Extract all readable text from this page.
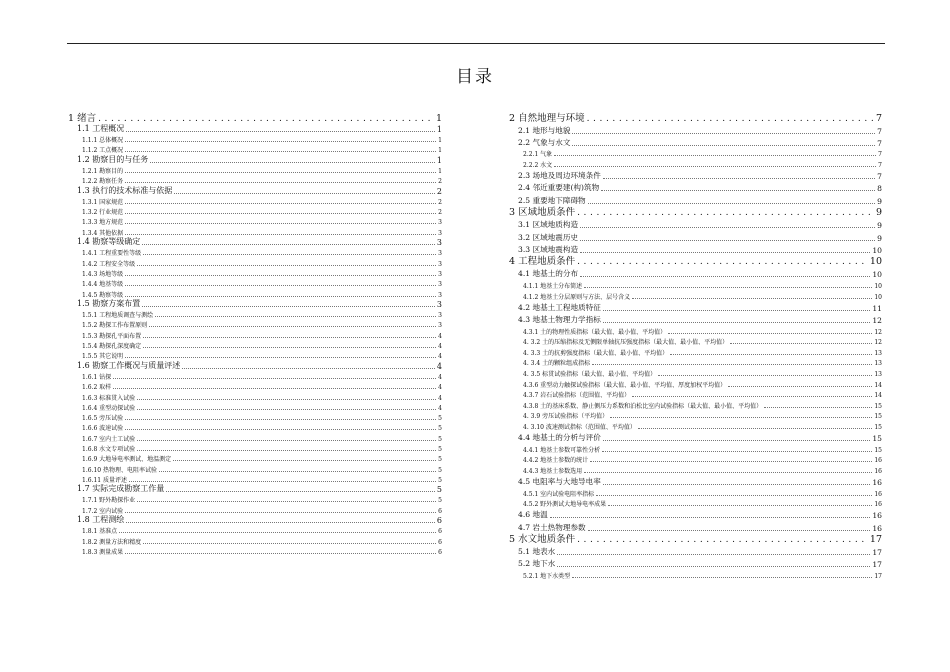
目录
1 绪言 .....	1
1.1 工程概况	1
1.1.1 总体概况	1
1.1.2 工点概况	1
1.2 勘察目的与任务	1
1.2.1 勘察目的	1
1.2.2 勘察任务	2
1.3 执行的技术标准与依据	2
1.3.1 国家规范	2
1.3.2 行业规范	2
1.3.3 地方规范	3
1.3.4 其他依据	3
1.4 勘察等级确定	3
1.4.1 工程重要性等级	3
1.4.2 工程安全等级	3
1.4.3 场地等级	3
1.4.4 地基等级	3
1.4.5 勘察等级	3
1.5 勘察方案布置	3
1.5.1 工程地质调查与测绘	3
1.5.2 勘探工作布置原则	3
1.5.3 勘探孔平面布置	4
1.5.4 勘探孔深度确定	4
1.5.5 其它说明	4
1.6 勘察工作概况与质量评述	4
1.6.1 钻探	4
1.6.2 取样	4
1.6.3 标准贯入试验	4
1.6.4 重型动探试验	4
1.6.5 旁压试验	5
1.6.6 波速试验	5
1.6.7 室内土工试验	5
1.6.8 水文专项试验	5
1.6.9 大地导电率测试、地温测定	5
1.6.10 热物理、电阻率试验	5
1.6.11 质量评述	5
1.7 实际完成勘察工作量	5
1.7.1 野外勘探作业	5
1.7.2 室内试验	6
1.8 工程测绘	6
1.8.1 基准点	6
1.8.2 测量方法和精度	6
1.8.3 测量成果	6
2 自然地理与环境 .....	7
2.1 地形与地貌	7
2.2 气象与水文	7
2.2.1 气象	7
2.2.2 水文	7
2.3 场地及周边环境条件	7
2.4 邻近重要建(构)筑物	8
2.5 重要地下障碍物	9
3 区域地质条件 .....	9
3.1 区域地质构造	9
3.2 区域地震历史	9
3.3 区域地震构造	10
4 工程地质条件 .....	10
4.1 地基土的分布	10
4.1.1 地基土分布简述	10
4.1.2 地基土分层原则与方法、层号含义	10
4.2 地基土工程地质特征	11
4.3 地基土物理力学指标	12
4.3.1 土的物理性质指标（最大值、最小值、平均值）	12
4. 3.2 土的压缩指标及无侧限单轴抗压强度指标（最大值、最小值、平均值）	12
4. 3.3 土的抗剪强度指标（最大值、最小值、平均值）	13
4. 3.4 土的颗粒组成指标	13
4. 3.5 标贯试验指标（最大值、最小值、平均值）	13
4.3.6 重型动力触探试验指标（最大值、最小值、平均值、厚度加权平均值）	14
4.3.7 岩石试验指标（范围值、平均值）	14
4.3.8 土的基床系数、静止侧压力系数和泊松比室内试验指标（最大值、最小值、平均值）	15
4. 3.9 旁压试验指标（平均值）	15
4. 3.10 波速测试指标（范围值、平均值）	15
4.4 地基土的分析与评价	15
4.4.1 地基土参数可靠性分析	15
4.4.2 地基土参数的统计	16
4.4.3 地基土参数选用	16
4.5 电阻率与大地导电率	16
4.5.1 室内试验电阻率指标	16
4.5.2 野外测试大地导电率成果	16
4.6 地温	16
4.7 岩土热物理参数	16
5 水文地质条件 .....	17
5.1 地表水	17
5.2 地下水	17
5.2.1 地下水类型	17
